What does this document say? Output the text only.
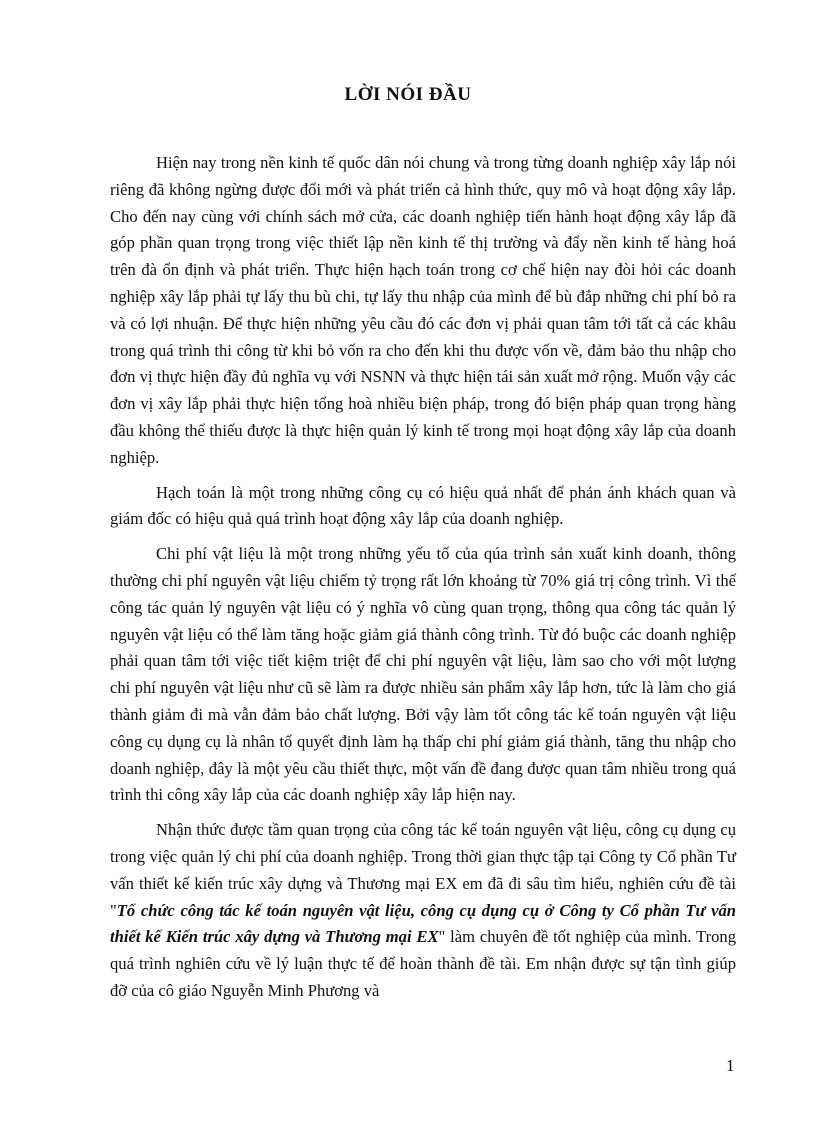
LỜI NÓI ĐẦU

Hiện nay trong nền kinh tế quốc dân nói chung và trong từng doanh nghiệp xây lắp nói riêng đã không ngừng được đổi mới và phát triển cả hình thức, quy mô và hoạt động xây lắp. Cho đến nay cùng với chính sách mở cửa, các doanh nghiệp tiến hành hoạt động xây lắp đã góp phần quan trọng trong việc thiết lập nền kinh tế thị trường và đẩy nền kinh tế hàng hoá trên đà ổn định và phát triển. Thực hiện hạch toán trong cơ chế hiện nay đòi hỏi các doanh nghiệp xây lắp phải tự lấy thu bù chi, tự lấy thu nhập của mình để bù đắp những chi phí bỏ ra và có lợi nhuận. Để thực hiện những yêu cầu đó các đơn vị phải quan tâm tới tất cả các khâu trong quá trình thi công từ khi bỏ vốn ra cho đến khi thu được vốn về, đảm bảo thu nhập cho đơn vị thực hiện đầy đủ nghĩa vụ với NSNN và thực hiện tái sản xuất mở rộng. Muốn vậy các đơn vị xây lắp phải thực hiện tổng hoà nhiều biện pháp, trong đó biện pháp quan trọng hàng đầu không thể thiếu được là thực hiện quản lý kinh tế trong mọi hoạt động xây lắp của doanh nghiệp.

Hạch toán là một trong những công cụ có hiệu quả nhất để phản ánh khách quan và giám đốc có hiệu quả quá trình hoạt động xây lắp của doanh nghiệp.

Chi phí vật liệu là một trong những yếu tố của qúa trình sản xuất kinh doanh, thông thường chi phí nguyên vật liệu chiếm tỷ trọng rất lớn khoảng từ 70% giá trị công trình. Vì thế công tác quản lý nguyên vật liệu có ý nghĩa vô cùng quan trọng, thông qua công tác quản lý nguyên vật liệu có thể làm tăng hoặc giảm giá thành công trình. Từ đó buộc các doanh nghiệp phải quan tâm tới việc tiết kiệm triệt để chi phí nguyên vật liệu, làm sao cho với một lượng chi phí nguyên vật liệu như cũ sẽ làm ra được nhiều sản phẩm xây lắp hơn, tức là làm cho giá thành giảm đi mà vẫn đảm bảo chất lượng. Bởi vậy làm tốt công tác kế toán nguyên vật liệu công cụ dụng cụ là nhân tố quyết định làm hạ thấp chi phí giảm giá thành, tăng thu nhập cho doanh nghiệp, đây là một yêu cầu thiết thực, một vấn đề đang được quan tâm nhiều trong quá trình thi công xây lắp của các doanh nghiệp xây lắp hiện nay.

Nhận thức được tầm quan trọng của công tác kế toán nguyên vật liệu, công cụ dụng cụ trong việc quản lý chi phí của doanh nghiệp. Trong thời gian thực tập tại Công ty Cổ phần Tư vấn thiết kế kiến trúc xây dựng và Thương mại EX em đã đi sâu tìm hiểu, nghiên cứu đề tài "Tổ chức công tác kế toán nguyên vật liệu, công cụ dụng cụ ở Công ty Cổ phần Tư vấn thiết kế Kiến trúc xây dựng và Thương mại EX" làm chuyên đề tốt nghiệp của mình. Trong quá trình nghiên cứu về lý luận thực tế để hoàn thành đề tài. Em nhận được sự tận tình giúp đỡ của cô giáo Nguyễn Minh Phương và

1
